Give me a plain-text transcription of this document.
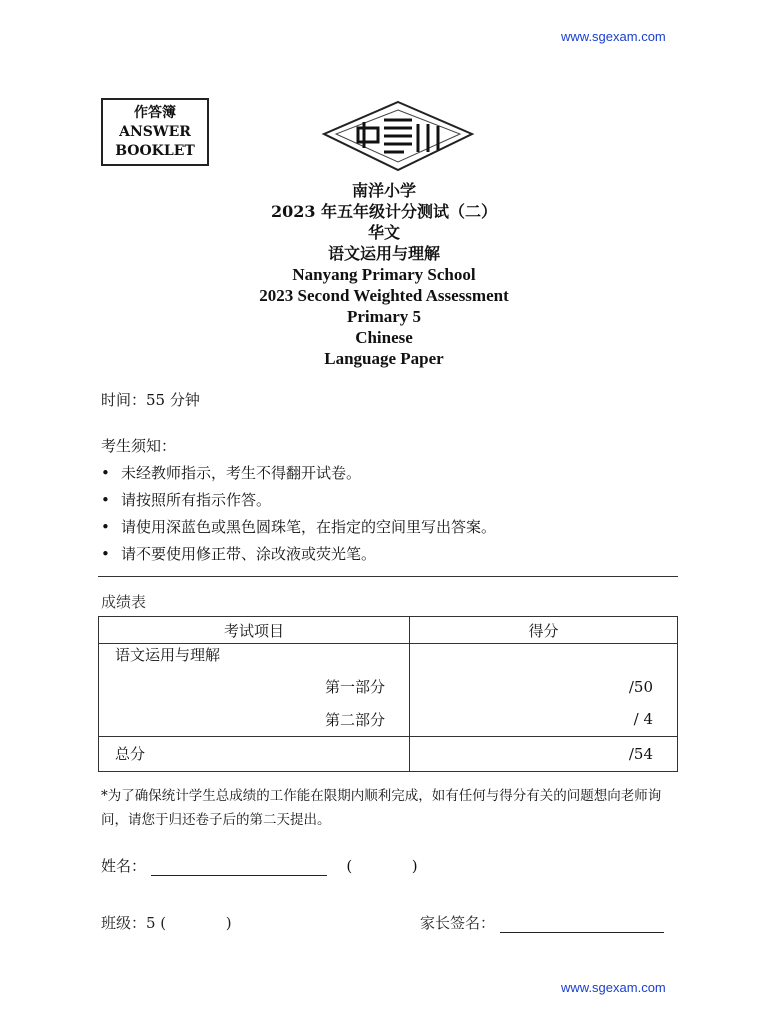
www.sgexam.com
作答簿
ANSWER
BOOKLET
南洋小学
2023 年五年级计分测试（二）
华文
语文运用与理解
Nanyang Primary School
2023 Second Weighted Assessment
Primary 5
Chinese
Language Paper
时间：55 分钟
考生须知：
• 未经教师指示，考生不得翻开试卷。
• 请按照所有指示作答。
• 请使用深蓝色或黑色圆珠笔，在指定的空间里写出答案。
• 请不要使用修正带、涂改液或荧光笔。
成绩表
考试项目	得分
语文运用与理解	
第一部分	/50
第二部分	/ 4
总分	/54
*为了确保统计学生总成绩的工作能在限期内顺利完成，如有任何与得分有关的问题想向老师询问，请您于归还卷子后的第二天提出。
姓名：	(	)
班级：5 (	)	家长签名：
www.sgexam.com
